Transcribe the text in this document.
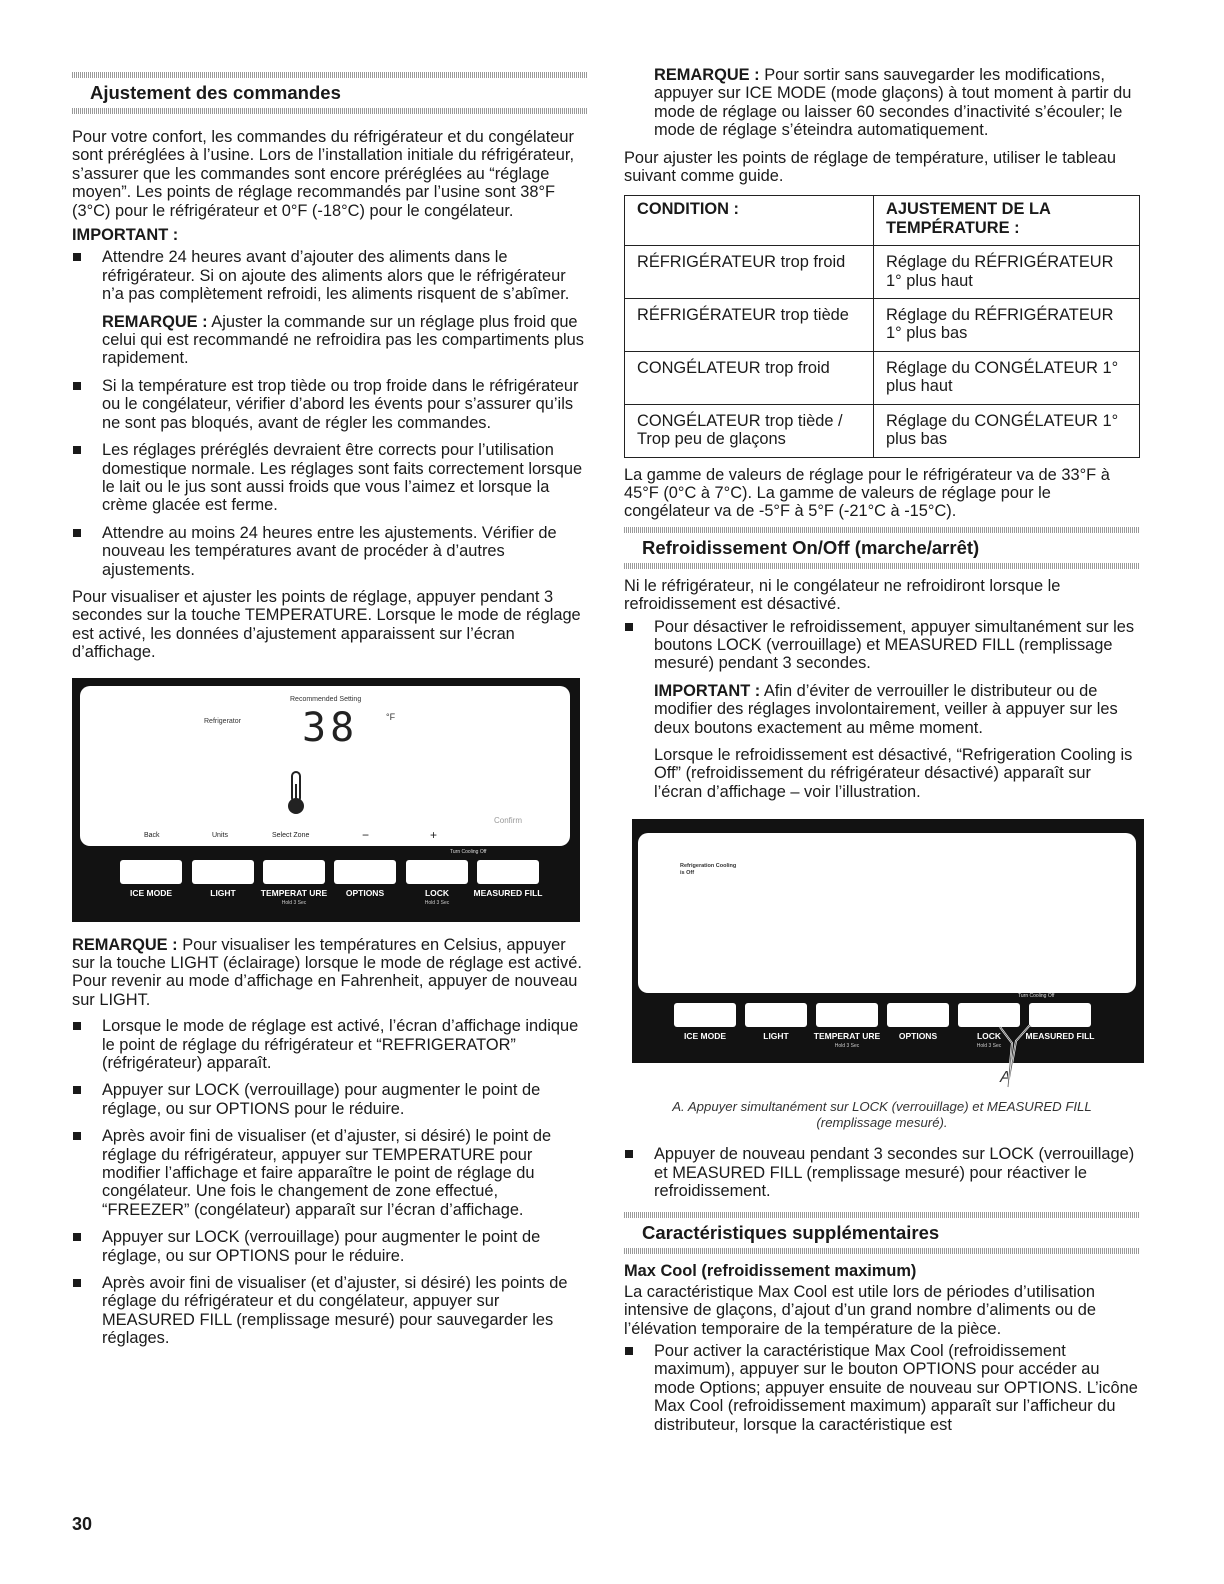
Ajustement des commandes

Pour votre confort, les commandes du réfrigérateur et du congélateur sont préréglées à l’usine. Lors de l’installation initiale du réfrigérateur, s’assurer que les commandes sont encore préréglées au “réglage moyen”. Les points de réglage recommandés par l’usine sont 38°F (3°C) pour le réfrigérateur et 0°F (-18°C) pour le congélateur.

IMPORTANT :

Attendre 24 heures avant d’ajouter des aliments dans le réfrigérateur. Si on ajoute des aliments alors que le réfrigérateur n’a pas complètement refroidi, les aliments risquent de s’abîmer.

REMARQUE : Ajuster la commande sur un réglage plus froid que celui qui est recommandé ne refroidira pas les compartiments plus rapidement.

Si la température est trop tiède ou trop froide dans le réfrigérateur ou le congélateur, vérifier d’abord les évents pour s’assurer qu’ils ne sont pas bloqués, avant de régler les commandes.
Les réglages préréglés devraient être corrects pour l’utilisation domestique normale. Les réglages sont faits correctement lorsque le lait ou le jus sont aussi froids que vous l’aimez et lorsque la crème glacée est ferme.
Attendre au moins 24 heures entre les ajustements. Vérifier de nouveau les températures avant de procéder à d’autres ajustements.

Pour visualiser et ajuster les points de réglage, appuyer pendant 3 secondes sur la touche TEMPERATURE. Lorsque le mode de réglage est activé, les données d’ajustement apparaissent sur l’écran d’affichage.

Recommended Setting
Refrigerator 38	°F
Confirm
Back	Units	Select Zone	−	+
Turn Cooling Off
ICE MODE	LIGHT	TEMPERAT URE
Hold 3 Sec
OPTIONS	LOCK
Hold 3 Sec
MEASURED FILL

REMARQUE : Pour visualiser les températures en Celsius, appuyer sur la touche LIGHT (éclairage) lorsque le mode de réglage est activé. Pour revenir au mode d’affichage en Fahrenheit, appuyer de nouveau sur LIGHT.

Lorsque le mode de réglage est activé, l’écran d’affichage indique le point de réglage du réfrigérateur et “REFRIGERATOR” (réfrigérateur) apparaît.
Appuyer sur LOCK (verrouillage) pour augmenter le point de réglage, ou sur OPTIONS pour le réduire.
Après avoir fini de visualiser (et d’ajuster, si désiré) le point de réglage du réfrigérateur, appuyer sur TEMPERATURE pour modifier l’affichage et faire apparaître le point de réglage du congélateur. Une fois le changement de zone effectué, “FREEZER” (congélateur) apparaît sur l’écran d’affichage.
Appuyer sur LOCK (verrouillage) pour augmenter le point de réglage, ou sur OPTIONS pour le réduire.
Après avoir fini de visualiser (et d’ajuster, si désiré) les points de réglage du réfrigérateur et du congélateur, appuyer sur MEASURED FILL (remplissage mesuré) pour sauvegarder les réglages.

REMARQUE : Pour sortir sans sauvegarder les modifications, appuyer sur ICE MODE (mode glaçons) à tout moment à partir du mode de réglage ou laisser 60 secondes d’inactivité s’écouler; le mode de réglage s’éteindra automatiquement.

Pour ajuster les points de réglage de température, utiliser le tableau suivant comme guide.

CONDITION :	AJUSTEMENT DE LA TEMPÉRATURE :
RÉFRIGÉRATEUR trop froid	Réglage du RÉFRIGÉRATEUR 1° plus haut
RÉFRIGÉRATEUR trop tiède	Réglage du RÉFRIGÉRATEUR 1° plus bas
CONGÉLATEUR trop froid	Réglage du CONGÉLATEUR 1° plus haut
CONGÉLATEUR trop tiède / Trop peu de glaçons	Réglage du CONGÉLATEUR 1° plus bas

La gamme de valeurs de réglage pour le réfrigérateur va de 33°F à 45°F (0°C à 7°C). La gamme de valeurs de réglage pour le congélateur va de -5°F à 5°F (-21°C à -15°C).

Refroidissement On/Off (marche/arrêt)

Ni le réfrigérateur, ni le congélateur ne refroidiront lorsque le refroidissement est désactivé.

Pour désactiver le refroidissement, appuyer simultanément sur les boutons LOCK (verrouillage) et MEASURED FILL (remplissage mesuré) pendant 3 secondes.

IMPORTANT : Afin d’éviter de verrouiller le distributeur ou de modifier des réglages involontairement, veiller à appuyer sur les deux boutons exactement au même moment.

Lorsque le refroidissement est désactivé, “Refrigeration Cooling is Off” (refroidissement du réfrigérateur désactivé) apparaît sur l’écran d’affichage – voir l’illustration.

Refrigeration Cooling is Off
Turn Cooling Off
ICE MODE	LIGHT	TEMPERAT URE
Hold 3 Sec
OPTIONS	LOCK
Hold 3 Sec
MEASURED FILL
A

A. Appuyer simultanément sur LOCK (verrouillage) et MEASURED FILL (remplissage mesuré).

Appuyer de nouveau pendant 3 secondes sur LOCK (verrouillage) et MEASURED FILL (remplissage mesuré) pour réactiver le refroidissement.
Caractéristiques supplémentaires

Max Cool (refroidissement maximum)

La caractéristique Max Cool est utile lors de périodes d’utilisation intensive de glaçons, d’ajout d’un grand nombre d’aliments ou de l’élévation temporaire de la température de la pièce.

Pour activer la caractéristique Max Cool (refroidissement maximum), appuyer sur le bouton OPTIONS pour accéder au mode Options; appuyer ensuite de nouveau sur OPTIONS. L’icône Max Cool (refroidissement maximum) apparaît sur l’afficheur du distributeur, lorsque la caractéristique est
30
